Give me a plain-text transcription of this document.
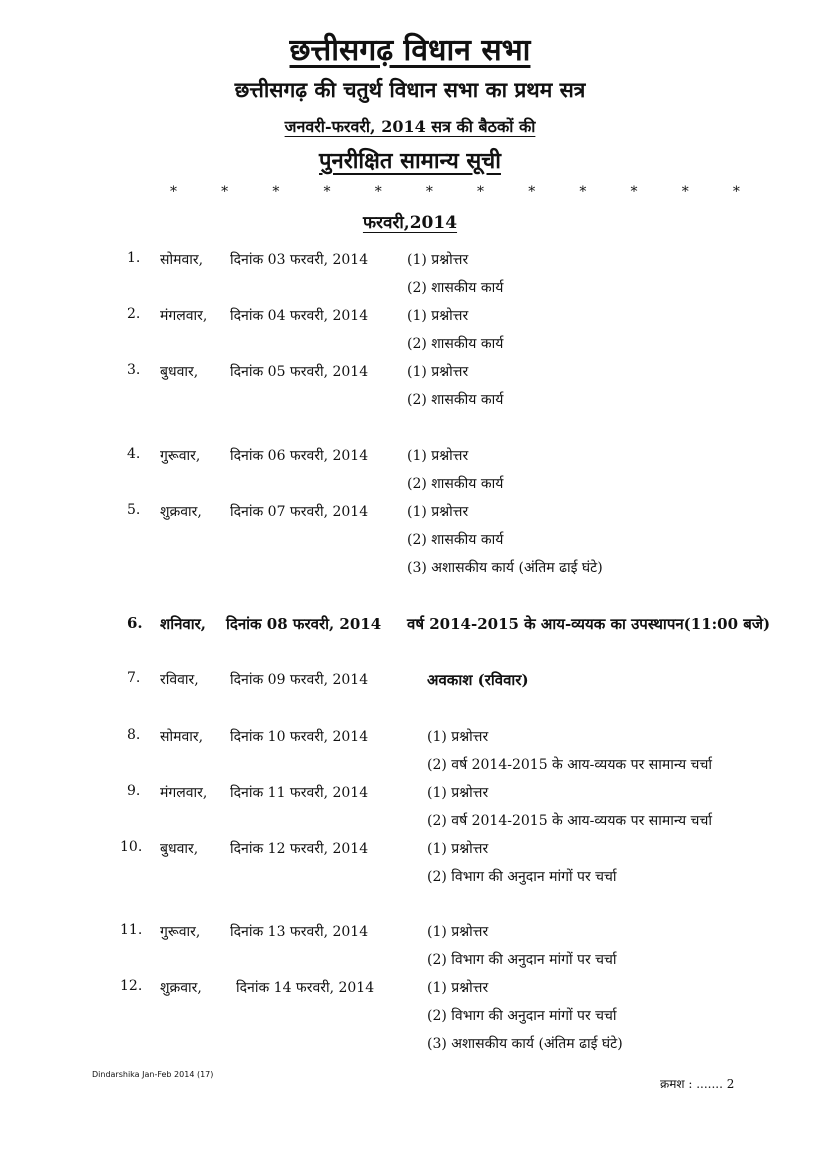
छत्तीसगढ़ विधान सभा
छत्तीसगढ़ की चतुर्थ विधान सभा का प्रथम सत्र
जनवरी-फरवरी, 2014 सत्र की बैठकों की
पुनरीक्षित सामान्य सूची
*	*	*	*	*	*	*	*	*	*	*	*
फरवरी,2014
1. सोमवार, दिनांक 03 फरवरी, 2014	(1) प्रश्नोत्तर
(2) शासकीय कार्य
2. मंगलवार, दिनांक 04 फरवरी, 2014	(1) प्रश्नोत्तर
(2) शासकीय कार्य
3. बुधवार, दिनांक 05 फरवरी, 2014	(1) प्रश्नोत्तर
(2) शासकीय कार्य
4. गुरूवार, दिनांक 06 फरवरी, 2014	(1) प्रश्नोत्तर
(2) शासकीय कार्य
5. शुक्रवार, दिनांक 07 फरवरी, 2014	(1) प्रश्नोत्तर
(2) शासकीय कार्य
(3) अशासकीय कार्य (अंतिम ढाई घंटे)
6. शनिवार, दिनांक 08 फरवरी, 2014 वर्ष 2014-2015 के आय-व्ययक का उपस्थापन(11:00 बजे)
7. रविवार, दिनांक 09 फरवरी, 2014	अवकाश (रविवार)
8. सोमवार, दिनांक 10 फरवरी, 2014	(1) प्रश्नोत्तर
(2) वर्ष 2014-2015 के आय-व्ययक पर सामान्य चर्चा
9. मंगलवार, दिनांक 11 फरवरी, 2014	(1) प्रश्नोत्तर
(2) वर्ष 2014-2015 के आय-व्ययक पर सामान्य चर्चा
10. बुधवार, दिनांक 12 फरवरी, 2014	(1) प्रश्नोत्तर
(2) विभाग की अनुदान मांगों पर चर्चा
11. गुरूवार, दिनांक 13 फरवरी, 2014	(1) प्रश्नोत्तर
(2) विभाग की अनुदान मांगों पर चर्चा
12. शुक्रवार, दिनांक 14 फरवरी, 2014	(1) प्रश्नोत्तर
(2) विभाग की अनुदान मांगों पर चर्चा
(3) अशासकीय कार्य (अंतिम ढाई घंटे)
Dindarshika Jan-Feb 2014 (17)
क्रमश : ....... 2
